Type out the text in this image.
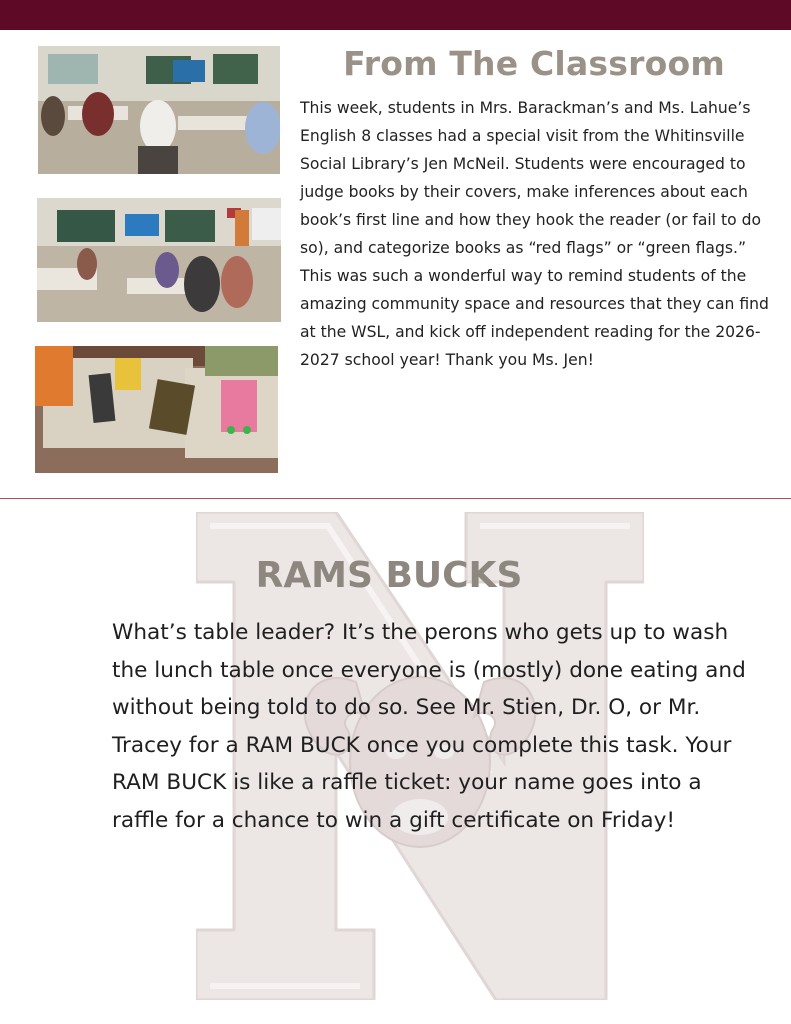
From The Classroom
This week, students in Mrs. Barackman’s and Ms. Lahue’s English 8 classes had a special visit from the Whitinsville Social Library’s Jen McNeil. Students were encouraged to judge books by their covers, make inferences about each book’s first line and how they hook the reader (or fail to do so), and categorize books as “red flags” or “green flags.” This was such a wonderful way to remind students of the amazing community space and resources that they can find at the WSL, and kick off independent reading for the 2026-2027 school year! Thank you Ms. Jen!
RAMS BUCKS
What’s table leader? It’s the perons who gets up to wash the lunch table once everyone is (mostly) done eating and without being told to do so. See Mr. Stien, Dr. O, or Mr. Tracey for a RAM BUCK once you complete this task. Your RAM BUCK is like a raffle ticket: your name goes into a raffle for a chance to win a gift certificate on Friday!
